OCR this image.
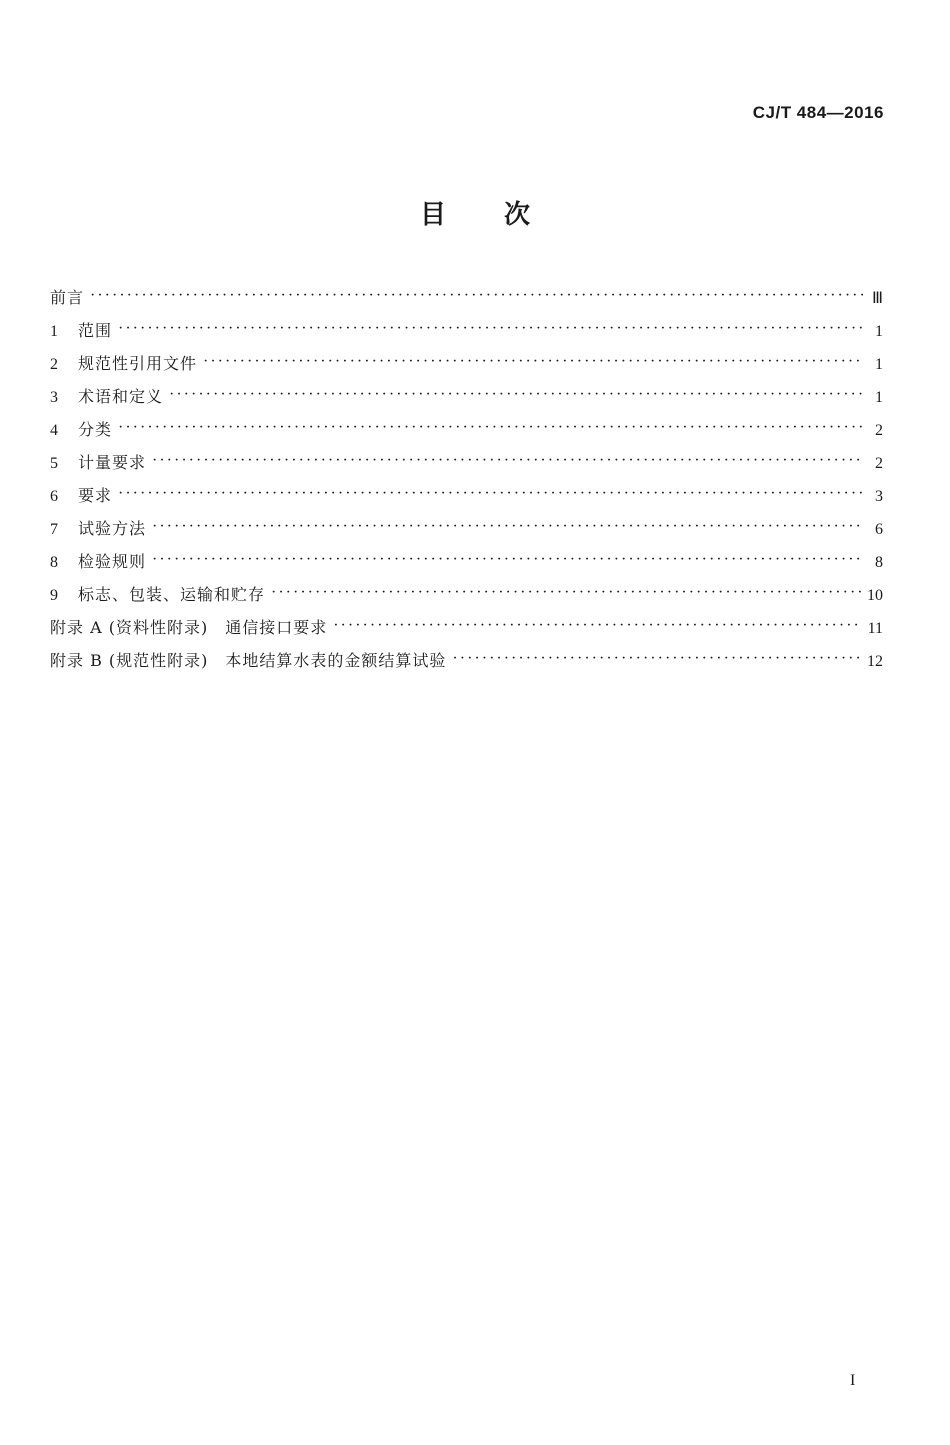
CJ/T 484—2016
目 次
前言 ·····	Ⅲ
1	范围 ·····	1
2	规范性引用文件 ·····	1
3	术语和定义 ·····	1
4	分类 ·····	2
5	计量要求 ·····	2
6	要求 ·····	3
7	试验方法 ·····	6
8	检验规则 ·····	8
9	标志、包装、运输和贮存 ·····	10
附录 A (资料性附录)　通信接口要求 ·····	11
附录 B (规范性附录)　本地结算水表的金额结算试验 ·····	12
I
